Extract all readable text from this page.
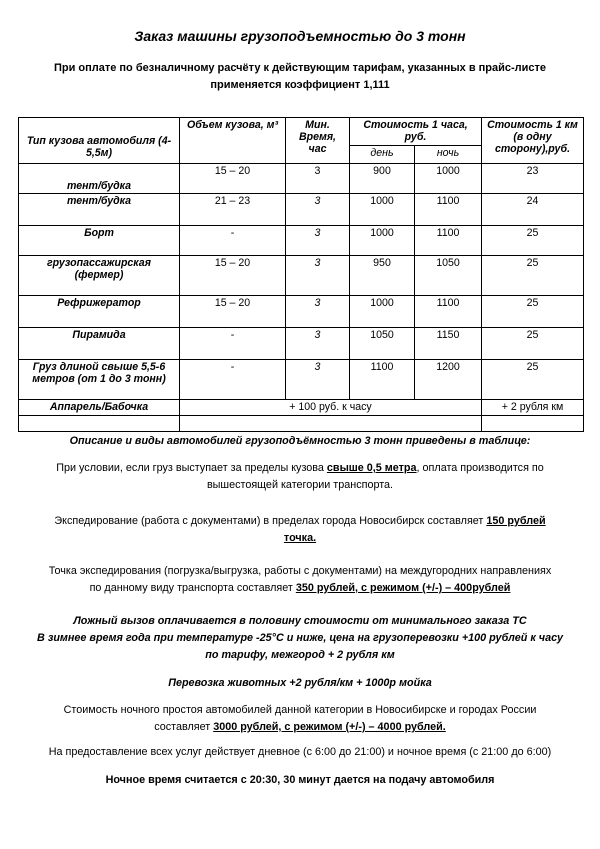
Заказ машины грузоподъемностью до 3 тонн
При оплате по безналичному расчёту к действующим тарифам, указанных в прайс-листе
применяется коэффициент 1,111
Тип кузова автомобиля (4-5,5м)	Объем кузова, м³	Мин. Время, час	Стоимость 1 часа, руб.		Стоимость 1 км (в одну сторону),руб.
			день	ночь	
тент/будка	15 – 20	3	900	1000	23
тент/будка	21 – 23	3	1000	1100	24
Борт	-	3	1000	1100	25
грузопассажирская (фермер)	15 – 20	3	950	1050	25
Рефрижератор	15 – 20	3	1000	1100	25
Пирамида	-	3	1050	1150	25
Груз длиной свыше 5,5-6 метров (от 1 до 3 тонн)	-	3	1100	1200	25
Аппарель/Бабочка	+ 100 руб. к часу				+ 2 рубля км

Описание и виды автомобилей грузоподъёмностью 3 тонн приведены в таблице:
При условии, если груз выступает за пределы кузова свыше 0,5 метра, оплата производится по
вышестоящей категории транспорта.
Экспедирование (работа с документами) в пределах города Новосибирск составляет 150 рублей
точка.
Точка экспедирования (погрузка/выгрузка, работы с документами) на междугородних направлениях
по данному виду транспорта составляет 350 рублей, с режимом (+/-) – 400рублей
Ложный вызов оплачивается в половину стоимости от минимального заказа ТС
В зимнее время года при температуре -25°С и ниже, цена на грузоперевозки +100 рублей к часу
по тарифу, межгород + 2 рубля км
Перевозка животных +2 рубля/км + 1000р мойка
Стоимость ночного простоя автомобилей данной категории в Новосибирске и городах России
составляет 3000 рублей, с режимом (+/-) – 4000 рублей.
На предоставление всех услуг действует дневное (с 6:00 до 21:00) и ночное время (с 21:00 до 6:00)
Ночное время считается с 20:30, 30 минут дается на подачу автомобиля
